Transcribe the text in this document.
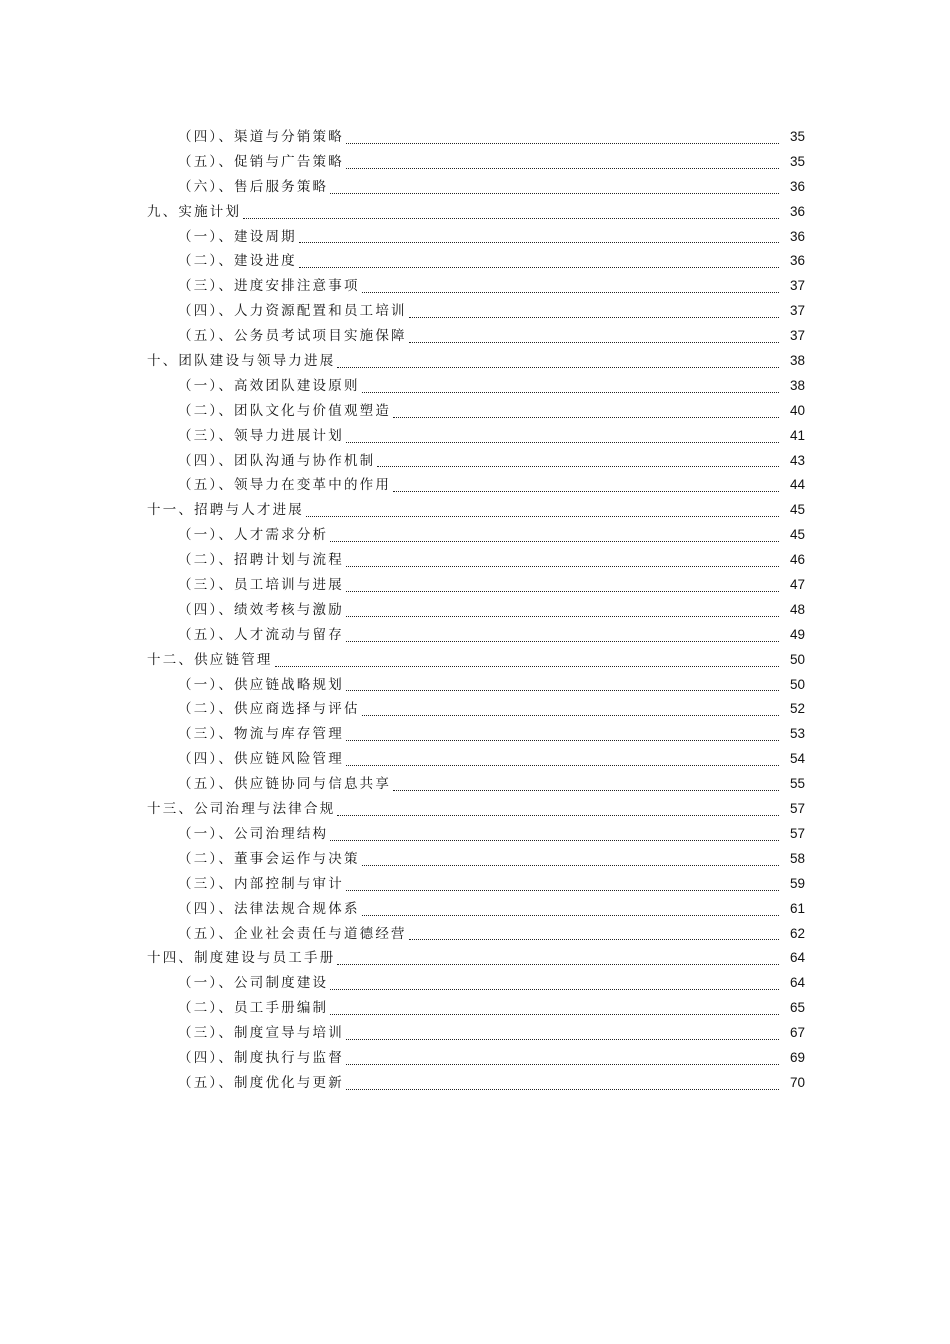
（四）、渠道与分销策略	35
（五）、促销与广告策略	35
（六）、售后服务策略	36
九、实施计划	36
（一）、建设周期	36
（二）、建设进度	36
（三）、进度安排注意事项	37
（四）、人力资源配置和员工培训	37
（五）、公务员考试项目实施保障	37
十、团队建设与领导力进展	38
（一）、高效团队建设原则	38
（二）、团队文化与价值观塑造	40
（三）、领导力进展计划	41
（四）、团队沟通与协作机制	43
（五）、领导力在变革中的作用	44
十一、招聘与人才进展	45
（一）、人才需求分析	45
（二）、招聘计划与流程	46
（三）、员工培训与进展	47
（四）、绩效考核与激励	48
（五）、人才流动与留存	49
十二、供应链管理	50
（一）、供应链战略规划	50
（二）、供应商选择与评估	52
（三）、物流与库存管理	53
（四）、供应链风险管理	54
（五）、供应链协同与信息共享	55
十三、公司治理与法律合规	57
（一）、公司治理结构	57
（二）、董事会运作与决策	58
（三）、内部控制与审计	59
（四）、法律法规合规体系	61
（五）、企业社会责任与道德经营	62
十四、制度建设与员工手册	64
（一）、公司制度建设	64
（二）、员工手册编制	65
（三）、制度宣导与培训	67
（四）、制度执行与监督	69
（五）、制度优化与更新	70
